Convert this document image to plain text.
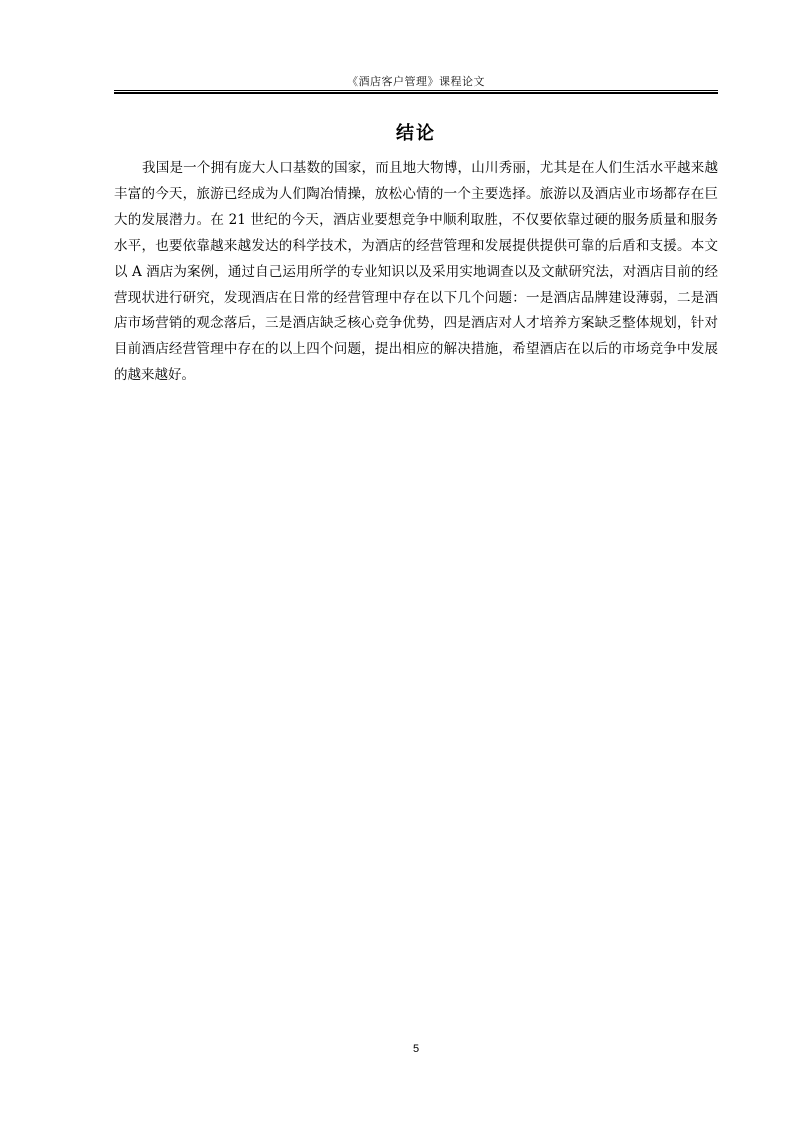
《酒店客户管理》课程论文
结论

我国是一个拥有庞大人口基数的国家，而且地大物博，山川秀丽，尤其是在人们生活水平越来越丰富的今天，旅游已经成为人们陶冶情操，放松心情的一个主要选择。旅游以及酒店业市场都存在巨大的发展潜力。在 21 世纪的今天，酒店业要想竞争中顺利取胜，不仅要依靠过硬的服务质量和服务水平，也要依靠越来越发达的科学技术，为酒店的经营管理和发展提供提供可靠的后盾和支援。本文以 A 酒店为案例，通过自己运用所学的专业知识以及采用实地调查以及文献研究法，对酒店目前的经营现状进行研究，发现酒店在日常的经营管理中存在以下几个问题：一是酒店品牌建设薄弱，二是酒店市场营销的观念落后，三是酒店缺乏核心竞争优势，四是酒店对人才培养方案缺乏整体规划，针对目前酒店经营管理中存在的以上四个问题，提出相应的解决措施，希望酒店在以后的市场竞争中发展的越来越好。

5
